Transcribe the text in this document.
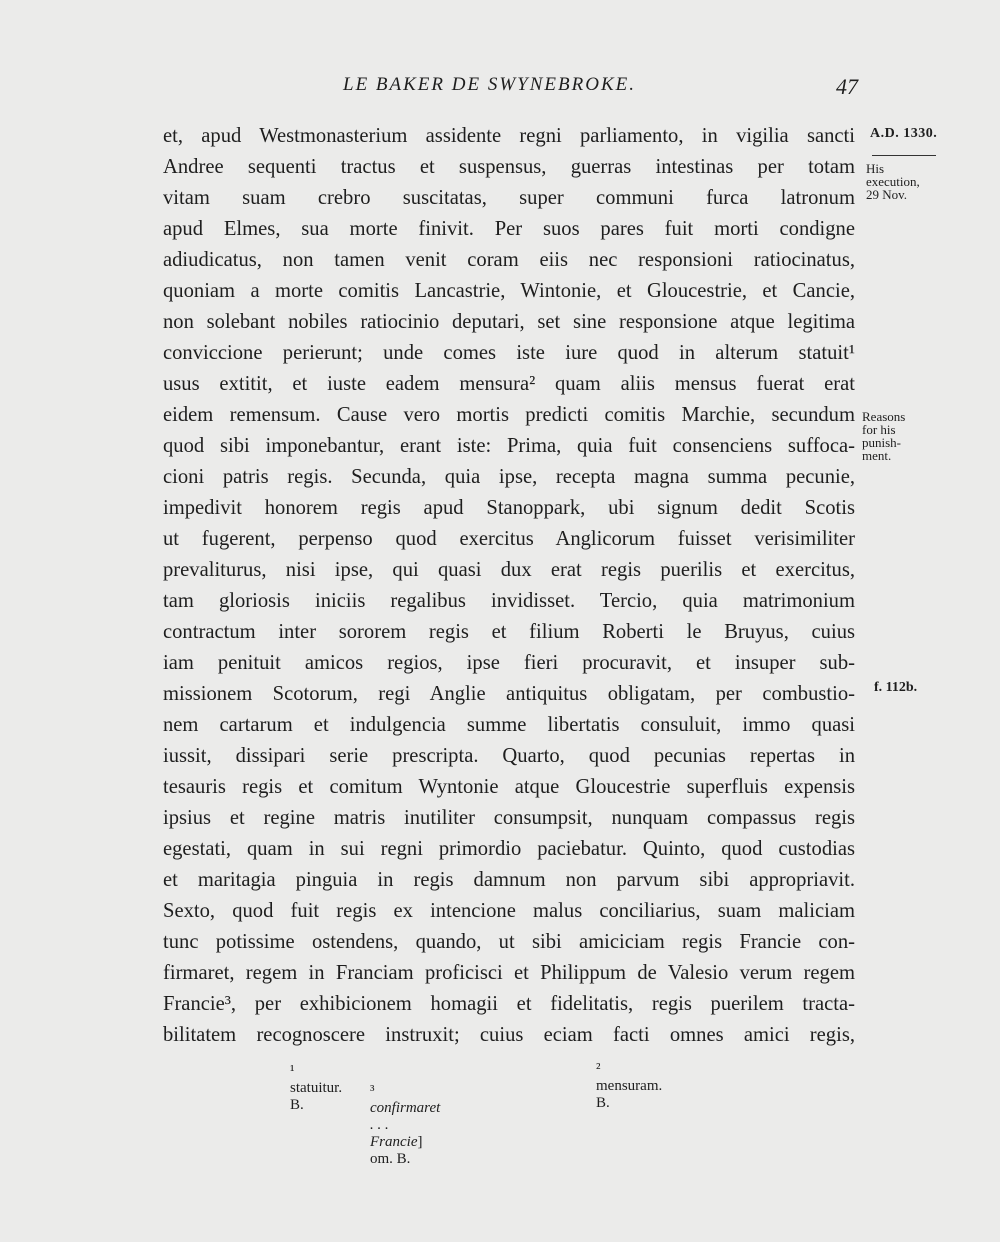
LE BAKER DE SWYNEBROKE.	47
et, apud Westmonasterium assidente regni parliamento, in vigilia sancti
Andree sequenti tractus et suspensus, guerras intestinas per totam
vitam suam crebro suscitatas, super communi furca latronum
apud Elmes, sua morte finivit. Per suos pares fuit morti condigne
adiudicatus, non tamen venit coram eiis nec responsioni ratiocinatus,
quoniam a morte comitis Lancastrie, Wintonie, et Gloucestrie, et Cancie,
non solebant nobiles ratiocinio deputari, set sine responsione atque legitima
conviccione perierunt; unde comes iste iure quod in alterum statuit¹
usus extitit, et iuste eadem mensura² quam aliis mensus fuerat erat
eidem remensum. Cause vero mortis predicti comitis Marchie, secundum
quod sibi imponebantur, erant iste: Prima, quia fuit consenciens suffoca-
cioni patris regis. Secunda, quia ipse, recepta magna summa pecunie,
impedivit honorem regis apud Stanoppark, ubi signum dedit Scotis
ut fugerent, perpenso quod exercitus Anglicorum fuisset verisimiliter
prevaliturus, nisi ipse, qui quasi dux erat regis puerilis et exercitus,
tam gloriosis iniciis regalibus invidisset. Tercio, quia matrimonium
contractum inter sororem regis et filium Roberti le Bruyus, cuius
iam penituit amicos regios, ipse fieri procuravit, et insuper sub-
missionem Scotorum, regi Anglie antiquitus obligatam, per combustio-
nem cartarum et indulgencia summe libertatis consuluit, immo quasi
iussit, dissipari serie prescripta. Quarto, quod pecunias repertas in
tesauris regis et comitum Wyntonie atque Gloucestrie superfluis expensis
ipsius et regine matris inutiliter consumpsit, nunquam compassus regis
egestati, quam in sui regni primordio paciebatur. Quinto, quod custodias
et maritagia pinguia in regis damnum non parvum sibi appropriavit.
Sexto, quod fuit regis ex intencione malus conciliarius, suam maliciam
tunc potissime ostendens, quando, ut sibi amiciciam regis Francie con-
firmaret, regem in Franciam proficisci et Philippum de Valesio verum regem
Francie³, per exhibicionem homagii et fidelitatis, regis puerilem tracta-
bilitatem recognoscere instruxit; cuius eciam facti omnes amici regis,
A.D. 1330.
His
execution,
29 Nov.
Reasons
for his
punish-
ment.
f. 112b.
¹ statuitur. B.
² mensuram. B.
³ confirmaret . . . Francie] om. B.
